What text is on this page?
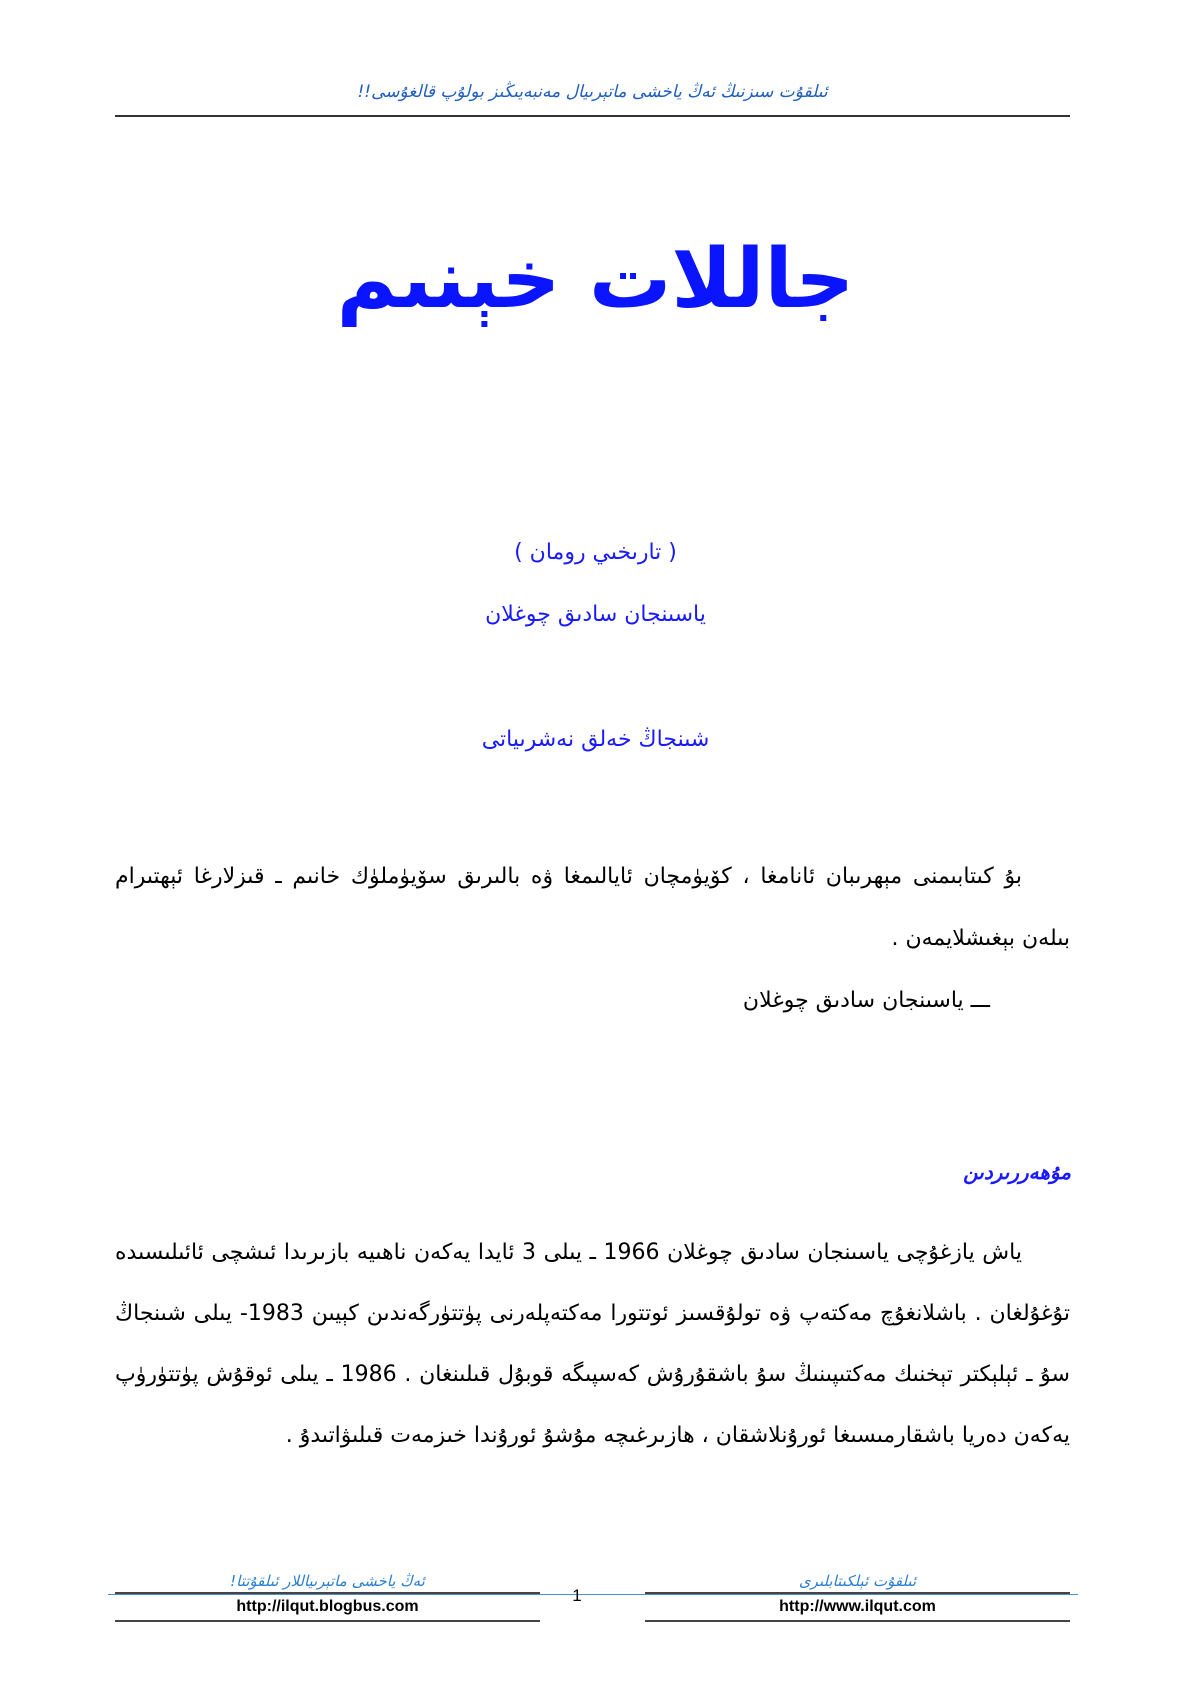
ئىلقۇت سىزنىڭ ئەڭ ياخشى ماتېرىيال مەنبەيىڭىز بولۇپ قالغۇسى!!
جاللات خېنىم
( تارىخىي رومان )
ياسىنجان سادىق چوغلان
شىنجاڭ خەلق نەشرىياتى

بۇ كىتابىمنى مېھرىبان ئانامغا ، كۆيۈمچان ئايالىمغا ۋە بالىرىق سۆيۈملۈك خانىم ـ قىزلارغا ئېھتىرام بىلەن بېغىشلايمەن .

ـــ ياسىنجان سادىق چوغلان

مۇھەررىردىن

ياش يازغۇچى ياسىنجان سادىق چوغلان 1966 ـ يىلى 3 ئايدا يەكەن ناھىيە بازىرىدا ئىشچى ئائىلىسىدە تۇغۇلغان . باشلانغۇچ مەكتەپ ۋە تولۇقسىز ئوتتورا مەكتەپلەرنى پۈتتۈرگەندىن كېيىن 1983- يىلى شىنجاڭ سۇ ـ ئېلېكتر تېخنىك مەكتىپىنىڭ سۇ باشقۇرۇش كەسپىگە قوبۇل قىلىنغان . 1986 ـ يىلى ئوقۇش پۈتتۈرۈپ يەكەن دەريا باشقارمىسىغا ئورۇنلاشقان ، ھازىرغىچە مۇشۇ ئورۇندا خىزمەت قىلىۋاتىدۇ .

ئەڭ ياخشى ماتېرىياللار ئىلقۇتتا!
http://ilqut.blogbus.com
1
ئىلقۇت ئېلكىتابلىرى
http://www.ilqut.com
